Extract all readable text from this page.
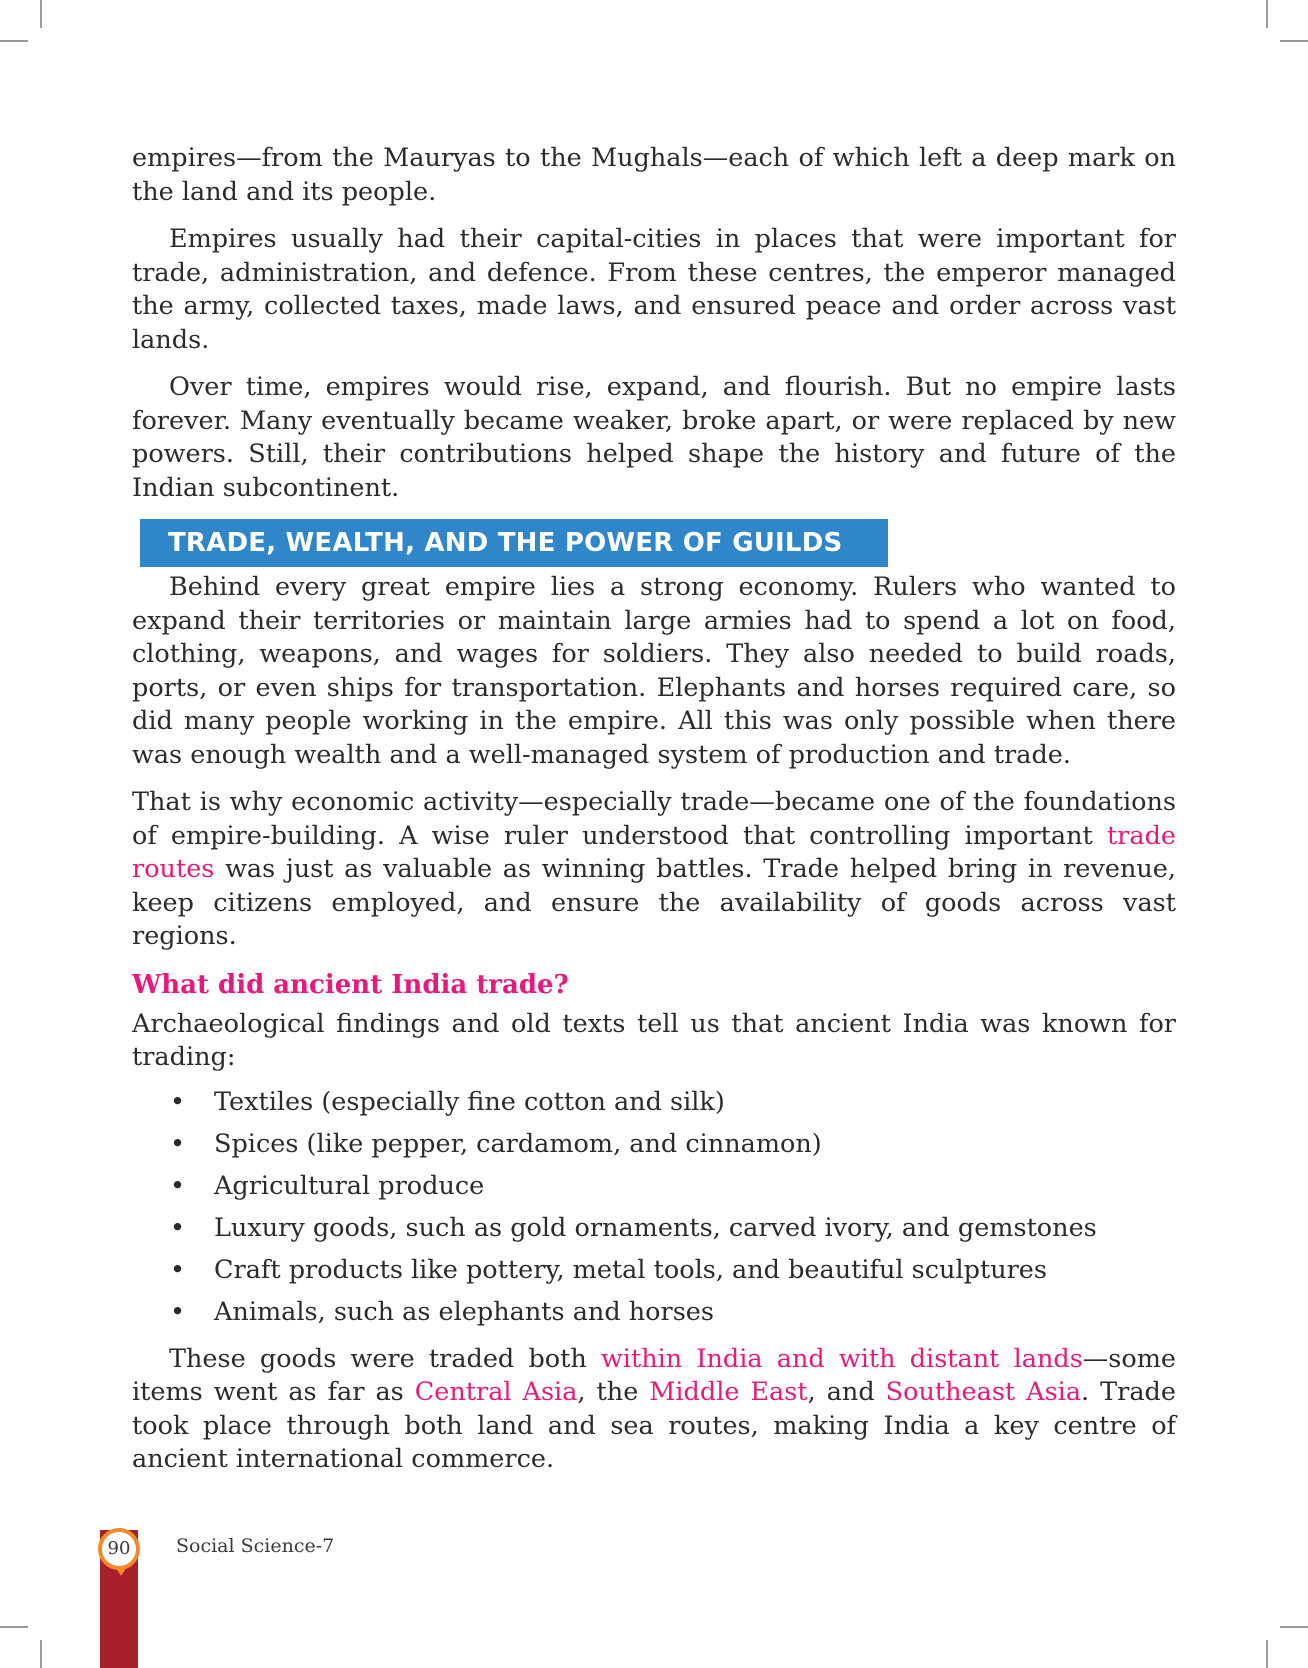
empires—from the Mauryas to the Mughals—each of which left a deep mark on the land and its people.

Empires usually had their capital-cities in places that were important for trade, administration, and defence. From these centres, the emperor managed the army, collected taxes, made laws, and ensured peace and order across vast lands.

Over time, empires would rise, expand, and flourish. But no empire lasts forever. Many eventually became weaker, broke apart, or were replaced by new powers. Still, their contributions helped shape the history and future of the Indian subcontinent.

TRADE, WEALTH, AND THE POWER OF GUILDS

Behind every great empire lies a strong economy. Rulers who wanted to expand their territories or maintain large armies had to spend a lot on food, clothing, weapons, and wages for soldiers. They also needed to build roads, ports, or even ships for transportation. Elephants and horses required care, so did many people working in the empire. All this was only possible when there was enough wealth and a well-managed system of production and trade.

That is why economic activity—especially trade—became one of the foundations of empire-building. A wise ruler understood that controlling important trade routes was just as valuable as winning battles. Trade helped bring in revenue, keep citizens employed, and ensure the availability of goods across vast regions.

What did ancient India trade?

Archaeological findings and old texts tell us that ancient India was known for trading:

• Textiles (especially fine cotton and silk)
• Spices (like pepper, cardamom, and cinnamon)
• Agricultural produce
• Luxury goods, such as gold ornaments, carved ivory, and gemstones
• Craft products like pottery, metal tools, and beautiful sculptures
• Animals, such as elephants and horses

These goods were traded both within India and with distant lands—some items went as far as Central Asia, the Middle East, and Southeast Asia. Trade took place through both land and sea routes, making India a key centre of ancient international commerce.

90	Social Science-7
